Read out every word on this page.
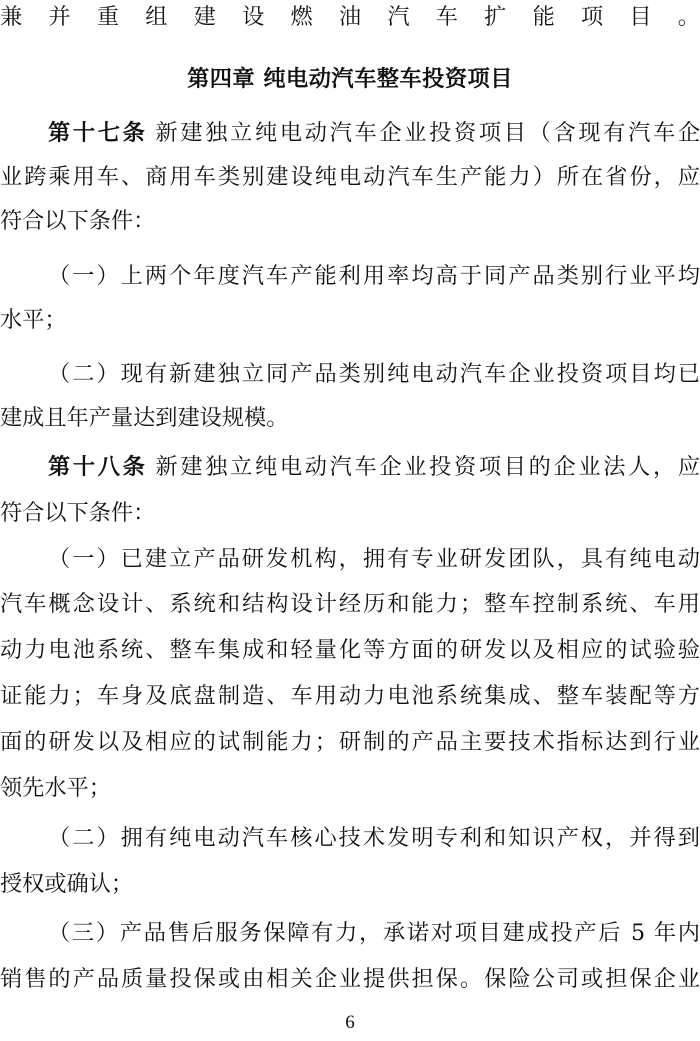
兼并重组建设燃油汽车扩能项目。
第四章 纯电动汽车整车投资项目
第十七条 新建独立纯电动汽车企业投资项目（含现有汽车企
业跨乘用车、商用车类别建设纯电动汽车生产能力）所在省份，应
符合以下条件：
（一）上两个年度汽车产能利用率均高于同产品类别行业平均
水平；
（二）现有新建独立同产品类别纯电动汽车企业投资项目均已
建成且年产量达到建设规模。
第十八条 新建独立纯电动汽车企业投资项目的企业法人，应
符合以下条件：
（一）已建立产品研发机构，拥有专业研发团队，具有纯电动
汽车概念设计、系统和结构设计经历和能力；整车控制系统、车用
动力电池系统、整车集成和轻量化等方面的研发以及相应的试验验
证能力；车身及底盘制造、车用动力电池系统集成、整车装配等方
面的研发以及相应的试制能力；研制的产品主要技术指标达到行业
领先水平；
（二）拥有纯电动汽车核心技术发明专利和知识产权，并得到
授权或确认；
（三）产品售后服务保障有力，承诺对项目建成投产后 5 年内
销售的产品质量投保或由相关企业提供担保。保险公司或担保企业
6
